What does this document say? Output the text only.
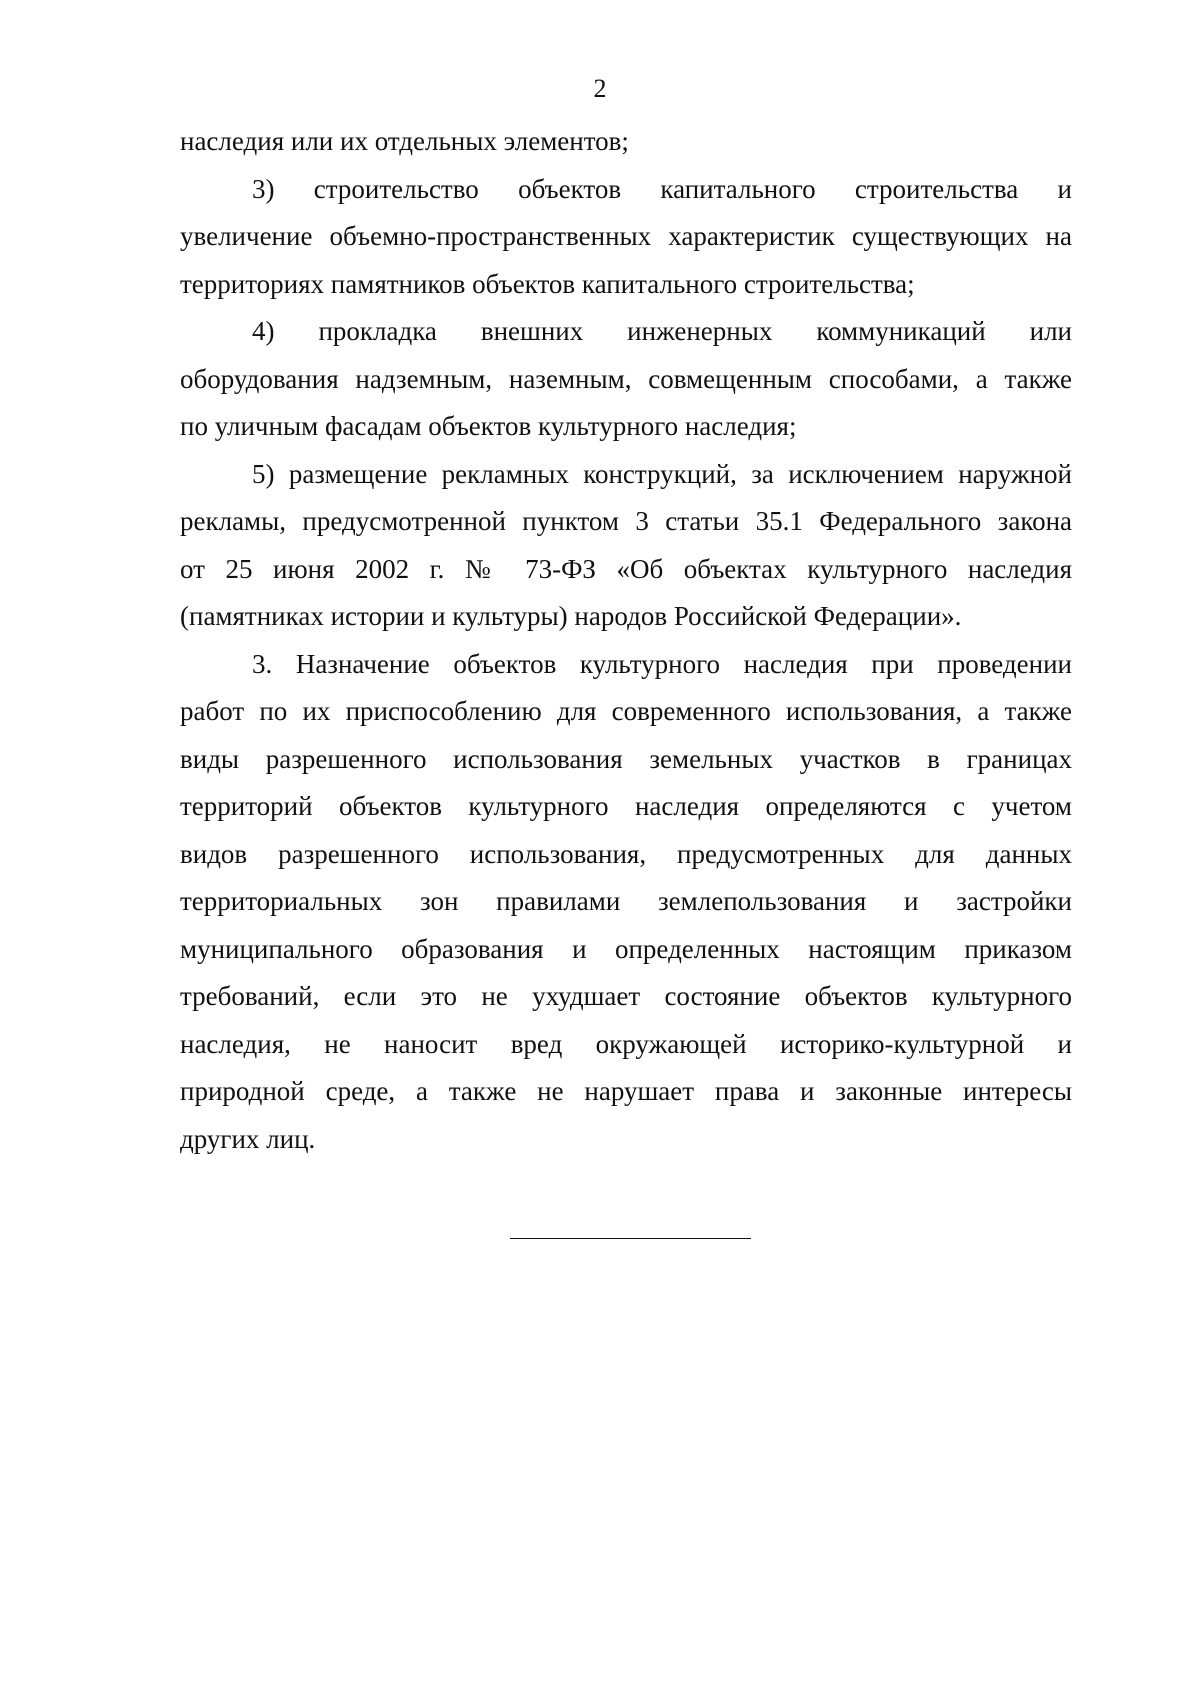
2
наследия или их отдельных элементов;
3) строительство объектов капитального строительства и
увеличение объемно-пространственных характеристик существующих на
территориях памятников объектов капитального строительства;
4) прокладка внешних инженерных коммуникаций или
оборудования надземным, наземным, совмещенным способами, а также
по уличным фасадам объектов культурного наследия;
5) размещение рекламных конструкций, за исключением наружной
рекламы, предусмотренной пунктом 3 статьи 35.1 Федерального закона
от 25 июня 2002 г. № 73-ФЗ «Об объектах культурного наследия
(памятниках истории и культуры) народов Российской Федерации».
3. Назначение объектов культурного наследия при проведении
работ по их приспособлению для современного использования, а также
виды разрешенного использования земельных участков в границах
территорий объектов культурного наследия определяются с учетом
видов разрешенного использования, предусмотренных для данных
территориальных зон правилами землепользования и застройки
муниципального образования и определенных настоящим приказом
требований, если это не ухудшает состояние объектов культурного
наследия, не наносит вред окружающей историко-культурной и
природной среде, а также не нарушает права и законные интересы
других лиц.
